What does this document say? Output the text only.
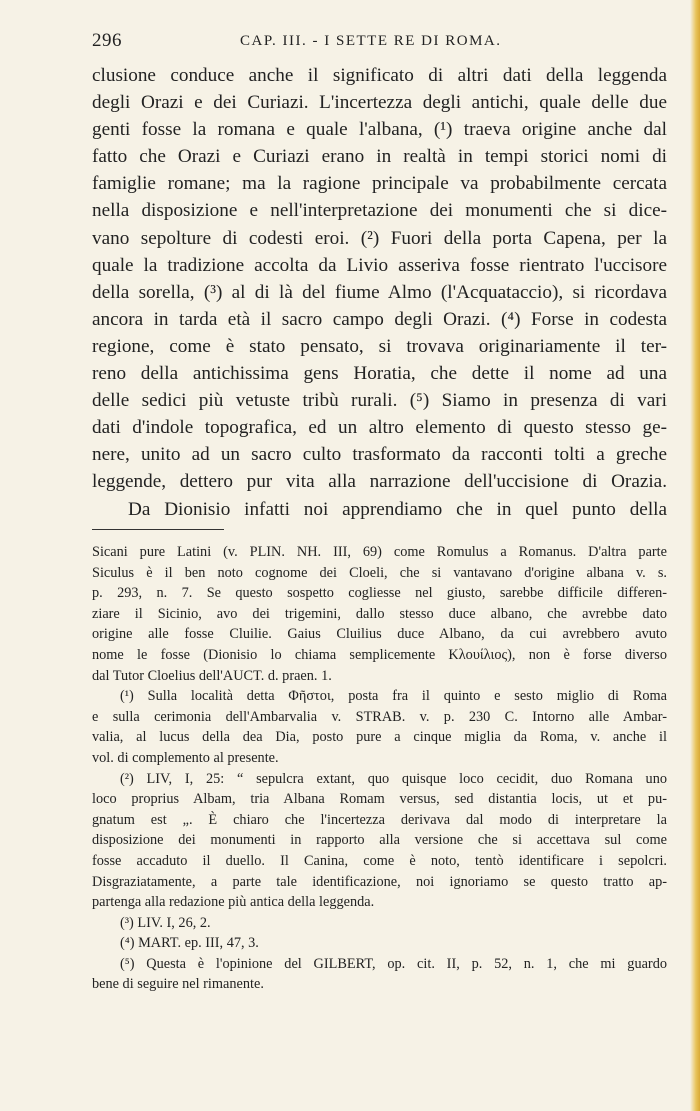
296	CAP. III. - I SETTE RE DI ROMA.
clusione conduce anche il significato di altri dati della leggenda
degli Orazi e dei Curiazi. L'incertezza degli antichi, quale delle due
genti fosse la romana e quale l'albana, (¹) traeva origine anche dal
fatto che Orazi e Curiazi erano in realtà in tempi storici nomi di
famiglie romane; ma la ragione principale va probabilmente cercata
nella disposizione e nell'interpretazione dei monumenti che si dice-
vano sepolture di codesti eroi. (²) Fuori della porta Capena, per la
quale la tradizione accolta da Livio asseriva fosse rientrato l'uccisore
della sorella, (³) al di là del fiume Almo (l'Acquataccio), si ricordava
ancora in tarda età il sacro campo degli Orazi. (⁴) Forse in codesta
regione, come è stato pensato, si trovava originariamente il ter-
reno della antichissima gens Horatia, che dette il nome ad una
delle sedici più vetuste tribù rurali. (⁵) Siamo in presenza di vari
dati d'indole topografica, ed un altro elemento di questo stesso ge-
nere, unito ad un sacro culto trasformato da racconti tolti a greche
leggende, dettero pur vita alla narrazione dell'uccisione di Orazia.
Da Dionisio infatti noi apprendiamo che in quel punto della
Sicani pure Latini (v. PLIN. NH. III, 69) come Romulus a Romanus. D'altra parte
Siculus è il ben noto cognome dei Cloeli, che si vantavano d'origine albana v. s.
p. 293, n. 7. Se questo sospetto cogliesse nel giusto, sarebbe difficile differen-
ziare il Sicinio, avo dei trigemini, dallo stesso duce albano, che avrebbe dato
origine alle fosse Cluilie. Gaius Cluilius duce Albano, da cui avrebbero avuto
nome le fosse (Dionisio lo chiama semplicemente Κλουίλιος), non è forse diverso
dal Tutor Cloelius dell'AUCT. d. praen. 1.
(¹) Sulla località detta Φῆστοι, posta fra il quinto e sesto miglio di Roma
e sulla cerimonia dell'Ambarvalia v. STRAB. v. p. 230 C. Intorno alle Ambar-
valia, al lucus della dea Dia, posto pure a cinque miglia da Roma, v. anche il
vol. di complemento al presente.
(²) LIV, I, 25: “ sepulcra extant, quo quisque loco cecidit, duo Romana uno
loco proprius Albam, tria Albana Romam versus, sed distantia locis, ut et pu-
gnatum est „. È chiaro che l'incertezza derivava dal modo di interpretare la
disposizione dei monumenti in rapporto alla versione che si accettava sul come
fosse accaduto il duello. Il Canina, come è noto, tentò identificare i sepolcri.
Disgraziatamente, a parte tale identificazione, noi ignoriamo se questo tratto ap-
partenga alla redazione più antica della leggenda.
(³) LIV. I, 26, 2.
(⁴) MART. ep. III, 47, 3.
(⁵) Questa è l'opinione del GILBERT, op. cit. II, p. 52, n. 1, che mi guardo
bene di seguire nel rimanente.
